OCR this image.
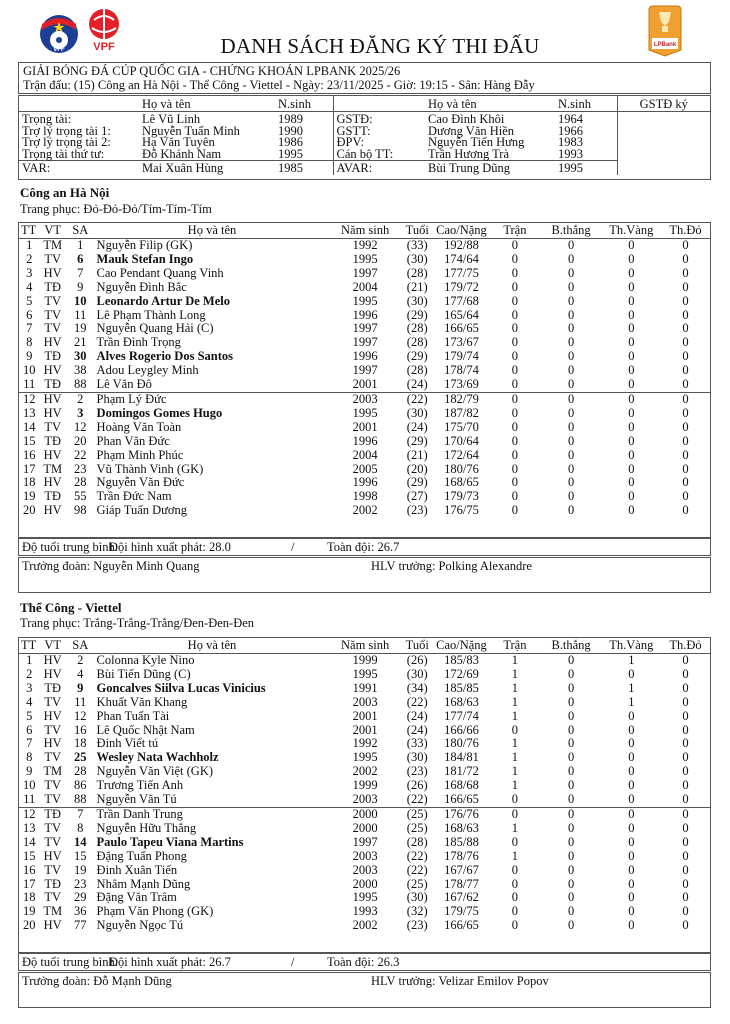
VFF	VPF	LPBank
DANH SÁCH ĐĂNG KÝ THI ĐẤU
GIẢI BÓNG ĐÁ CÚP QUỐC GIA - CHỨNG KHOÁN LPBANK 2025/26
Trận đấu: (15) Công an Hà Nội - Thể Công - Viettel - Ngày: 23/11/2025 - Giờ: 19:15 - Sân: Hàng Đẫy
	Họ và tên	N.sinh		Họ và tên	N.sinh	GSTĐ ký
Trọng tài:	Lê Vũ Linh	1989	GSTĐ:	Cao Đình Khôi	1964	
Trợ lý trọng tài 1:	Nguyễn Tuấn Minh	1990	GSTT:	Dương Văn Hiền	1966	
Trợ lý trọng tài 2:	Hạ Văn Tuyên	1986	ĐPV:	Nguyễn Tiến Hưng	1983	
Trọng tài thứ tư:	Đỗ Khánh Nam	1995	Cán bộ TT:	Trần Hương Trà	1993	
VAR:	Mai Xuân Hùng	1985	AVAR:	Bùi Trung Dũng	1995	
Công an Hà Nội
Trang phục: Đỏ-Đỏ-Đỏ/Tím-Tím-Tím
TT	VT	SA	Họ và tên	Năm sinh	Tuổi	Cao/Nặng	Trận	B.thắng	Th.Vàng	Th.Đỏ
1	TM	1	Nguyễn Filip (GK)	1992	(33)	192/88	0	0	0	0
2	TV	6	Mauk Stefan Ingo	1995	(30)	174/64	0	0	0	0
3	HV	7	Cao Pendant Quang Vinh	1997	(28)	177/75	0	0	0	0
4	TĐ	9	Nguyễn Đình Bắc	2004	(21)	179/72	0	0	0	0
5	TV	10	Leonardo Artur De Melo	1995	(30)	177/68	0	0	0	0
6	TV	11	Lê Phạm Thành Long	1996	(29)	165/64	0	0	0	0
7	TV	19	Nguyễn Quang Hải (C)	1997	(28)	166/65	0	0	0	0
8	HV	21	Trần Đình Trọng	1997	(28)	173/67	0	0	0	0
9	TĐ	30	Alves Rogerio Dos Santos	1996	(29)	179/74	0	0	0	0
10	HV	38	Adou Leygley Minh	1997	(28)	178/74	0	0	0	0
11	TĐ	88	Lê Văn Đô	2001	(24)	173/69	0	0	0	0
12	HV	2	Phạm Lý Đức	2003	(22)	182/79	0	0	0	0
13	HV	3	Domingos Gomes Hugo	1995	(30)	187/82	0	0	0	0
14	TV	12	Hoàng Văn Toàn	2001	(24)	175/70	0	0	0	0
15	TĐ	20	Phan Văn Đức	1996	(29)	170/64	0	0	0	0
16	HV	22	Phạm Minh Phúc	2004	(21)	172/64	0	0	0	0
17	TM	23	Vũ Thành Vinh (GK)	2005	(20)	180/76	0	0	0	0
18	HV	28	Nguyễn Văn Đức	1996	(29)	168/65	0	0	0	0
19	TĐ	55	Trần Đức Nam	1998	(27)	179/73	0	0	0	0
20	HV	98	Giáp Tuấn Dương	2002	(23)	176/75	0	0	0	0
Độ tuổi trung bình:
Đội hình xuất phát: 28.0	/	Toàn đội: 26.7
Trưởng đoàn: Nguyễn Minh Quang	HLV trưởng: Polking Alexandre
Thể Công - Viettel
Trang phục: Trắng-Trắng-Trắng/Đen-Đen-Đen
TT	VT	SA	Họ và tên	Năm sinh	Tuổi	Cao/Nặng	Trận	B.thắng	Th.Vàng	Th.Đỏ
1	HV	2	Colonna Kyle Nino	1999	(26)	185/83	1	0	1	0
2	HV	4	Bùi Tiến Dũng (C)	1995	(30)	172/69	1	0	0	0
3	TĐ	9	Goncalves Siilva Lucas Vinicius	1991	(34)	185/85	1	0	1	0
4	TV	11	Khuất Văn Khang	2003	(22)	168/63	1	0	1	0
5	HV	12	Phan Tuấn Tài	2001	(24)	177/74	1	0	0	0
6	TV	16	Lê Quốc Nhật Nam	2001	(24)	166/66	0	0	0	0
7	HV	18	Đinh Viết tú	1992	(33)	180/76	1	0	0	0
8	TV	25	Wesley Nata Wachholz	1995	(30)	184/81	1	0	0	0
9	TM	28	Nguyễn Văn Việt (GK)	2002	(23)	181/72	1	0	0	0
10	TV	86	Trương Tiến Anh	1999	(26)	168/68	1	0	0	0
11	TV	88	Nguyễn Văn Tú	2003	(22)	166/65	0	0	0	0
12	TĐ	7	Trần Danh Trung	2000	(25)	176/76	0	0	0	0
13	TV	8	Nguyễn Hữu Thắng	2000	(25)	168/63	1	0	0	0
14	TV	14	Paulo Tapeu Viana Martins	1997	(28)	185/88	0	0	0	0
15	HV	15	Đặng Tuấn Phong	2003	(22)	178/76	1	0	0	0
16	TV	19	Đinh Xuân Tiến	2003	(22)	167/67	0	0	0	0
17	TĐ	23	Nhâm Mạnh Dũng	2000	(25)	178/77	0	0	0	0
18	TV	29	Đặng Văn Trâm	1995	(30)	167/62	0	0	0	0
19	TM	36	Phạm Văn Phong (GK)	1993	(32)	179/75	0	0	0	0
20	HV	77	Nguyễn Ngọc Tú	2002	(23)	166/65	0	0	0	0
Độ tuổi trung bình:
Đội hình xuất phát: 26.7	/	Toàn đội: 26.3
Trưởng đoàn: Đỗ Mạnh Dũng	HLV trưởng: Velizar Emilov Popov
